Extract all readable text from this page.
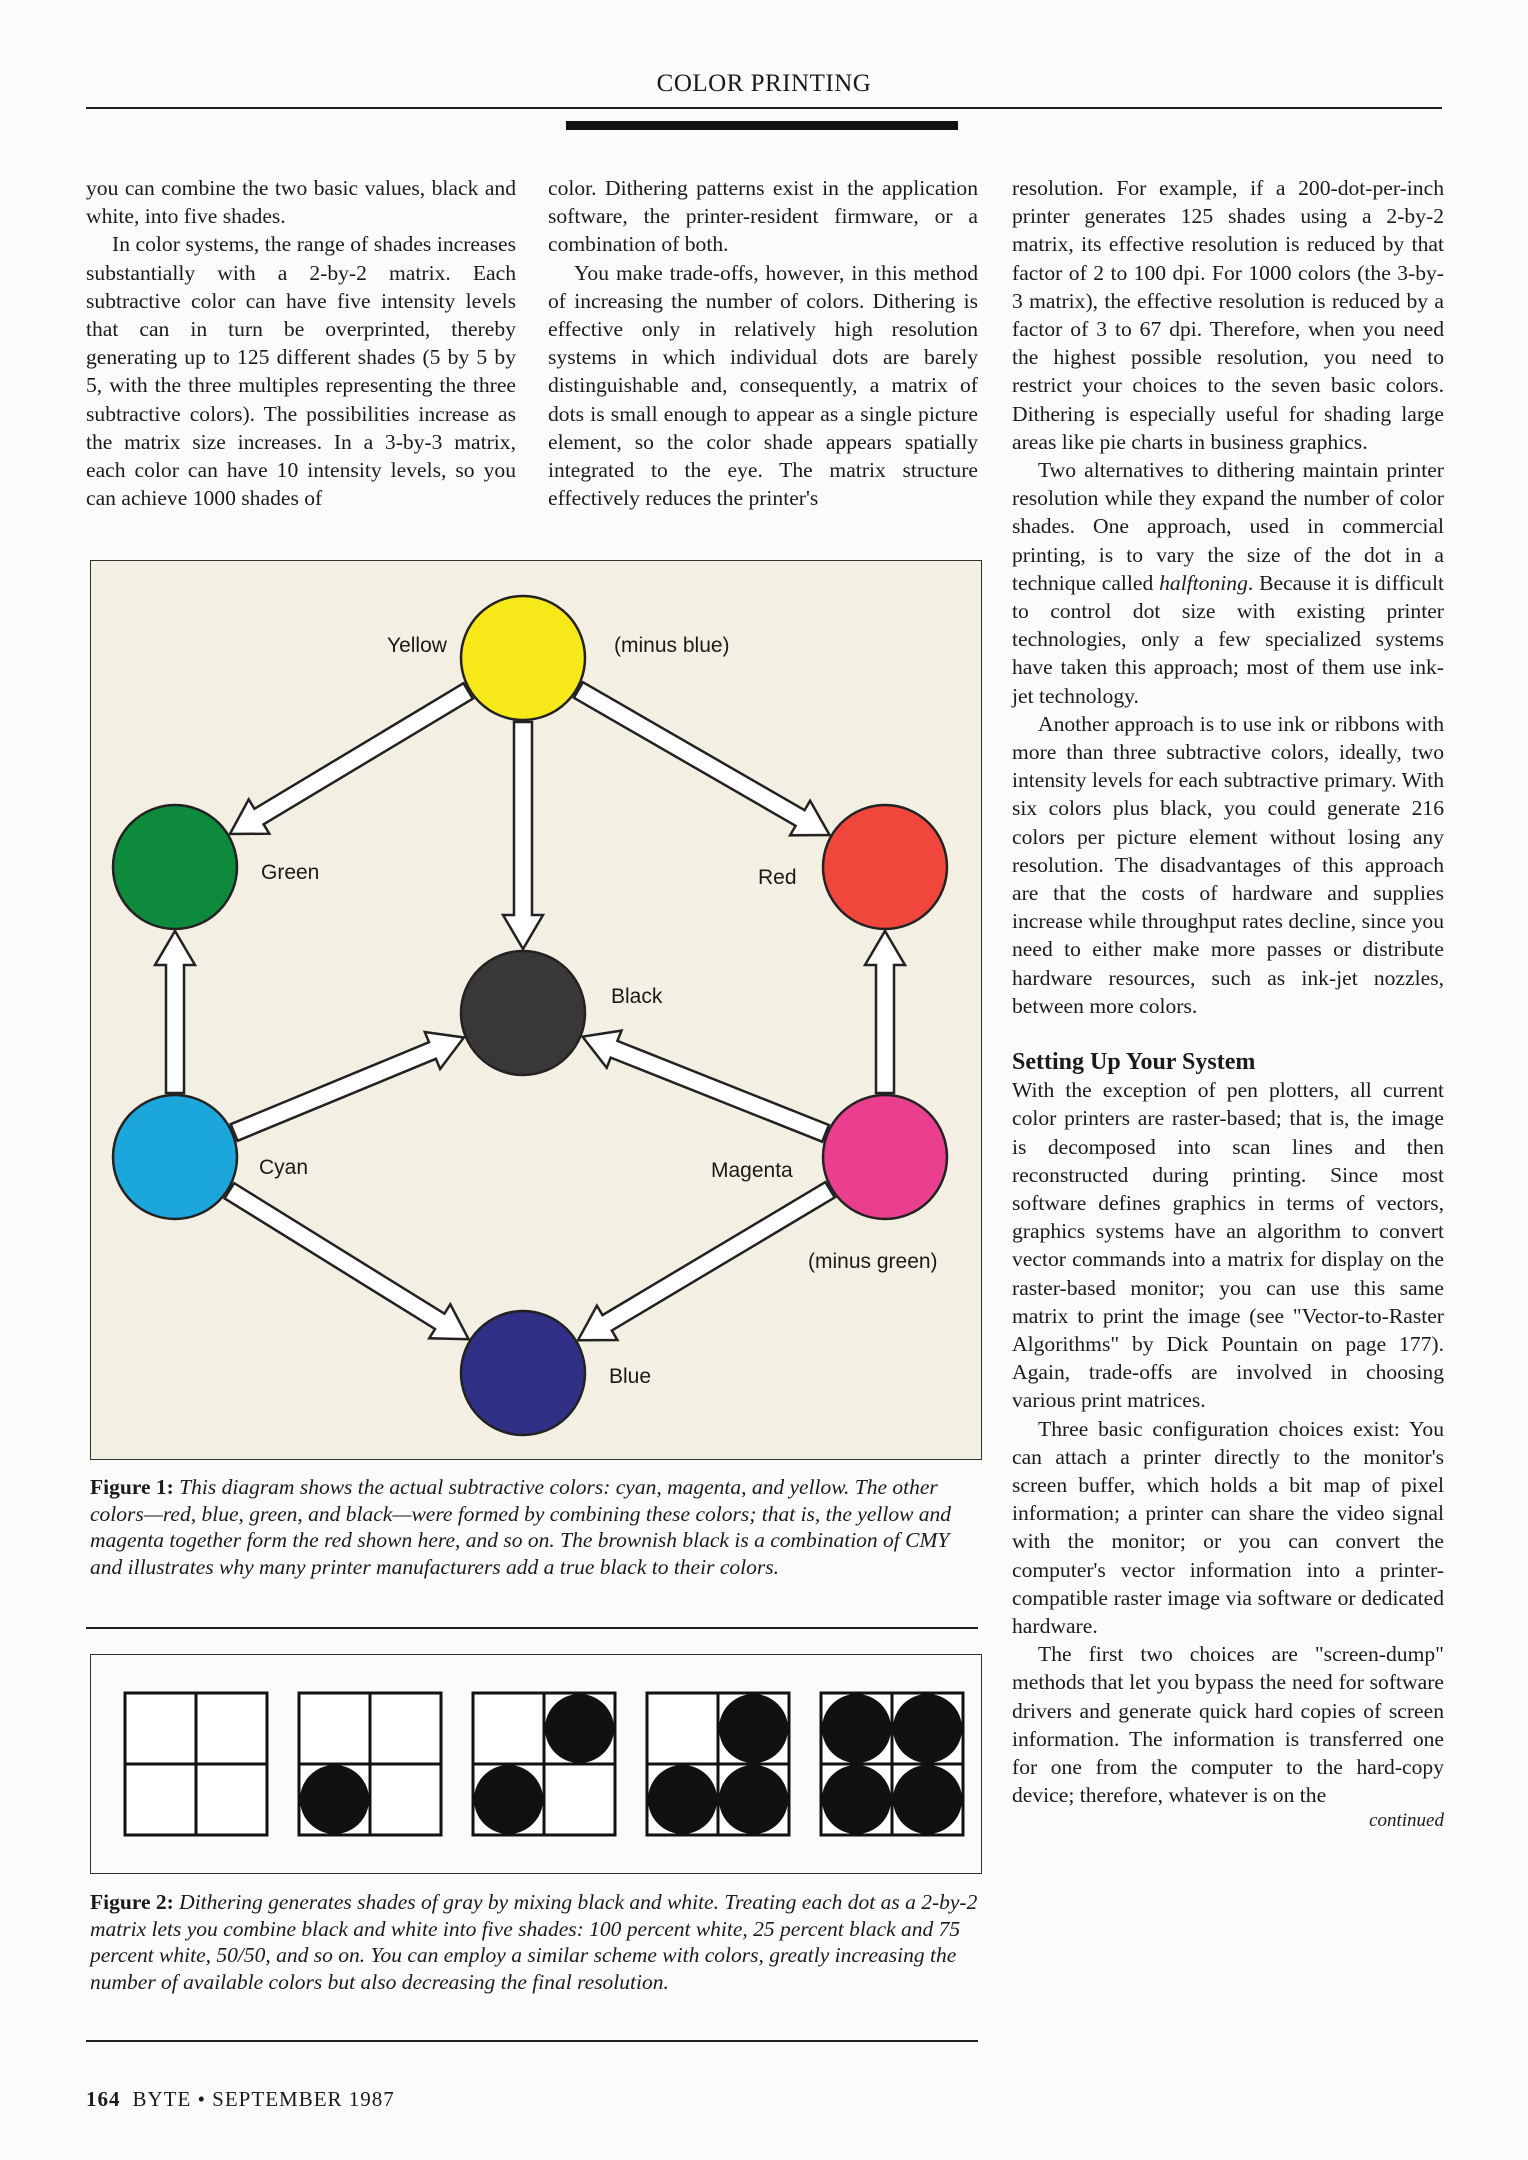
COLOR PRINTING

you can combine the two basic values, black and white, into five shades.

In color systems, the range of shades increases substantially with a 2-by-2 matrix. Each subtractive color can have five intensity levels that can in turn be overprinted, thereby generating up to 125 different shades (5 by 5 by 5, with the three multiples representing the three subtractive colors). The possibilities increase as the matrix size increases. In a 3-by-3 matrix, each color can have 10 intensity levels, so you can achieve 1000 shades of

color. Dithering patterns exist in the application software, the printer-resident firmware, or a combination of both.

You make trade-offs, however, in this method of increasing the number of colors. Dithering is effective only in relatively high resolution systems in which individual dots are barely distinguishable and, consequently, a matrix of dots is small enough to appear as a single picture element, so the color shade appears spatially integrated to the eye. The matrix structure effectively reduces the printer's

resolution. For example, if a 200-dot-per-inch printer generates 125 shades using a 2-by-2 matrix, its effective resolution is reduced by that factor of 2 to 100 dpi. For 1000 colors (the 3-by-3 matrix), the effective resolution is reduced by a factor of 3 to 67 dpi. Therefore, when you need the highest possible resolution, you need to restrict your choices to the seven basic colors. Dithering is especially useful for shading large areas like pie charts in business graphics.

Two alternatives to dithering maintain printer resolution while they expand the number of color shades. One approach, used in commercial printing, is to vary the size of the dot in a technique called halftoning. Because it is difficult to control dot size with existing printer technologies, only a few specialized systems have taken this approach; most of them use ink-jet technology.

Another approach is to use ink or ribbons with more than three subtractive colors, ideally, two intensity levels for each subtractive primary. With six colors plus black, you could generate 216 colors per picture element without losing any resolution. The disadvantages of this approach are that the costs of hardware and supplies increase while throughput rates decline, since you need to either make more passes or distribute hardware resources, such as ink-jet nozzles, between more colors.

Setting Up Your System

With the exception of pen plotters, all current color printers are raster-based; that is, the image is decomposed into scan lines and then reconstructed during printing. Since most software defines graphics in terms of vectors, graphics systems have an algorithm to convert vector commands into a matrix for display on the raster-based monitor; you can use this same matrix to print the image (see "Vector-to-Raster Algorithms" by Dick Pountain on page 177). Again, trade-offs are involved in choosing various print matrices.

Three basic configuration choices exist: You can attach a printer directly to the monitor's screen buffer, which holds a bit map of pixel information; a printer can share the video signal with the monitor; or you can convert the computer's vector information into a printer-compatible raster image via software or dedicated hardware.

The first two choices are "screen-dump" methods that let you bypass the need for software drivers and generate quick hard copies of screen information. The information is transferred one for one from the computer to the hard-copy device; therefore, whatever is on the

continued
Yellow	(minus blue)
Green	Red
Black
Cyan	Magenta
(minus green)
Blue
Figure 1: This diagram shows the actual subtractive colors: cyan, magenta, and yellow. The other colors—red, blue, green, and black—were formed by combining these colors; that is, the yellow and magenta together form the red shown here, and so on. The brownish black is a combination of CMY and illustrates why many printer manufacturers add a true black to their colors.
Figure 2: Dithering generates shades of gray by mixing black and white. Treating each dot as a 2-by-2 matrix lets you combine black and white into five shades: 100 percent white, 25 percent black and 75 percent white, 50/50, and so on. You can employ a similar scheme with colors, greatly increasing the number of available colors but also decreasing the final resolution.
164 BYTE • SEPTEMBER 1987
